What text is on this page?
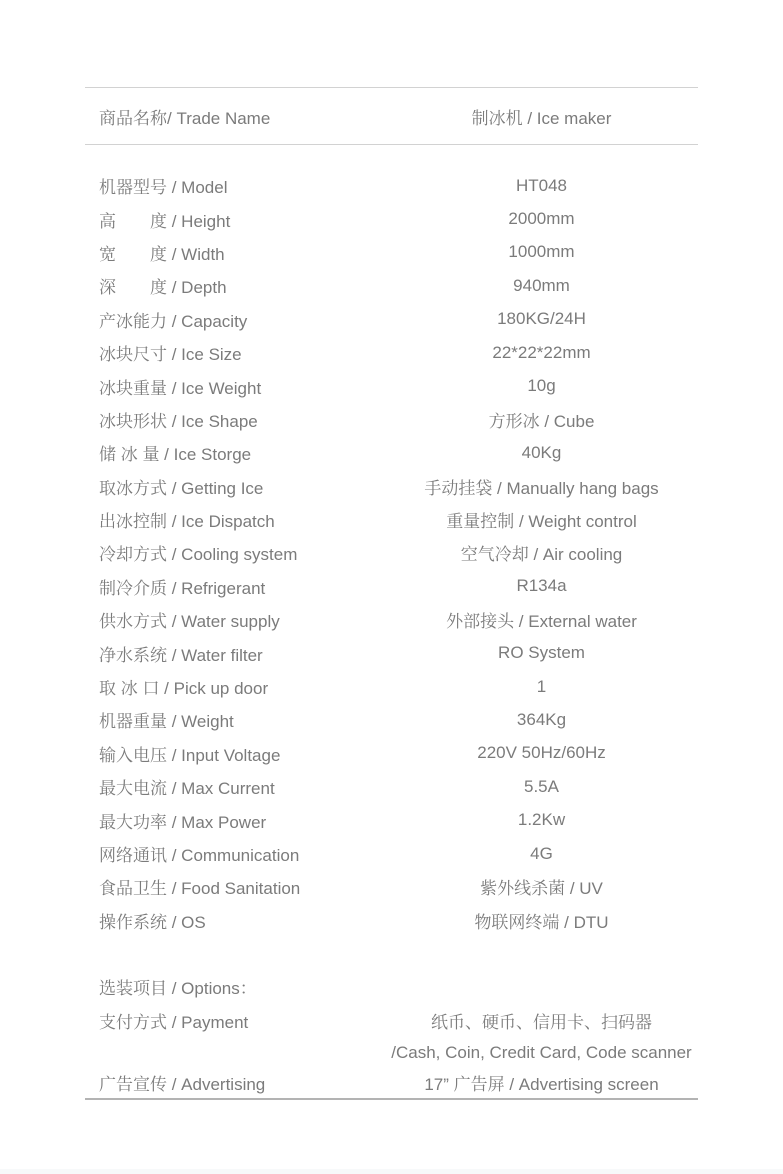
商品名称/ Trade Name	制冰机 / Ice maker
机器型号 / Model	HT048
高　　度 / Height	2000mm
宽　　度 / Width	1000mm
深　　度 / Depth	940mm
产冰能力 / Capacity	180KG/24H
冰块尺寸 / Ice Size	22*22*22mm
冰块重量 / Ice Weight	10g
冰块形状 / Ice Shape	方形冰 / Cube
储 冰 量 / Ice Storge	40Kg
取冰方式 / Getting Ice	手动挂袋 / Manually hang bags
出冰控制 / Ice Dispatch	重量控制 / Weight control
冷却方式 / Cooling system	空气冷却 / Air cooling
制冷介质 / Refrigerant	R134a
供水方式 / Water supply	外部接头 / External water
净水系统 / Water filter	RO System
取 冰 口 / Pick up door	1
机器重量 / Weight	364Kg
输入电压 / Input Voltage	220V 50Hz/60Hz
最大电流 / Max Current	5.5A
最大功率 / Max Power	1.2Kw
网络通讯 / Communication	4G
食品卫生 / Food Sanitation	紫外线杀菌 / UV
操作系统 / OS	物联网终端 / DTU
选装项目 / Options：
支付方式 / Payment	纸币、硬币、信用卡、扫码器
/Cash, Coin, Credit Card, Code scanner
广告宣传 / Advertising	17” 广告屏 / Advertising screen
